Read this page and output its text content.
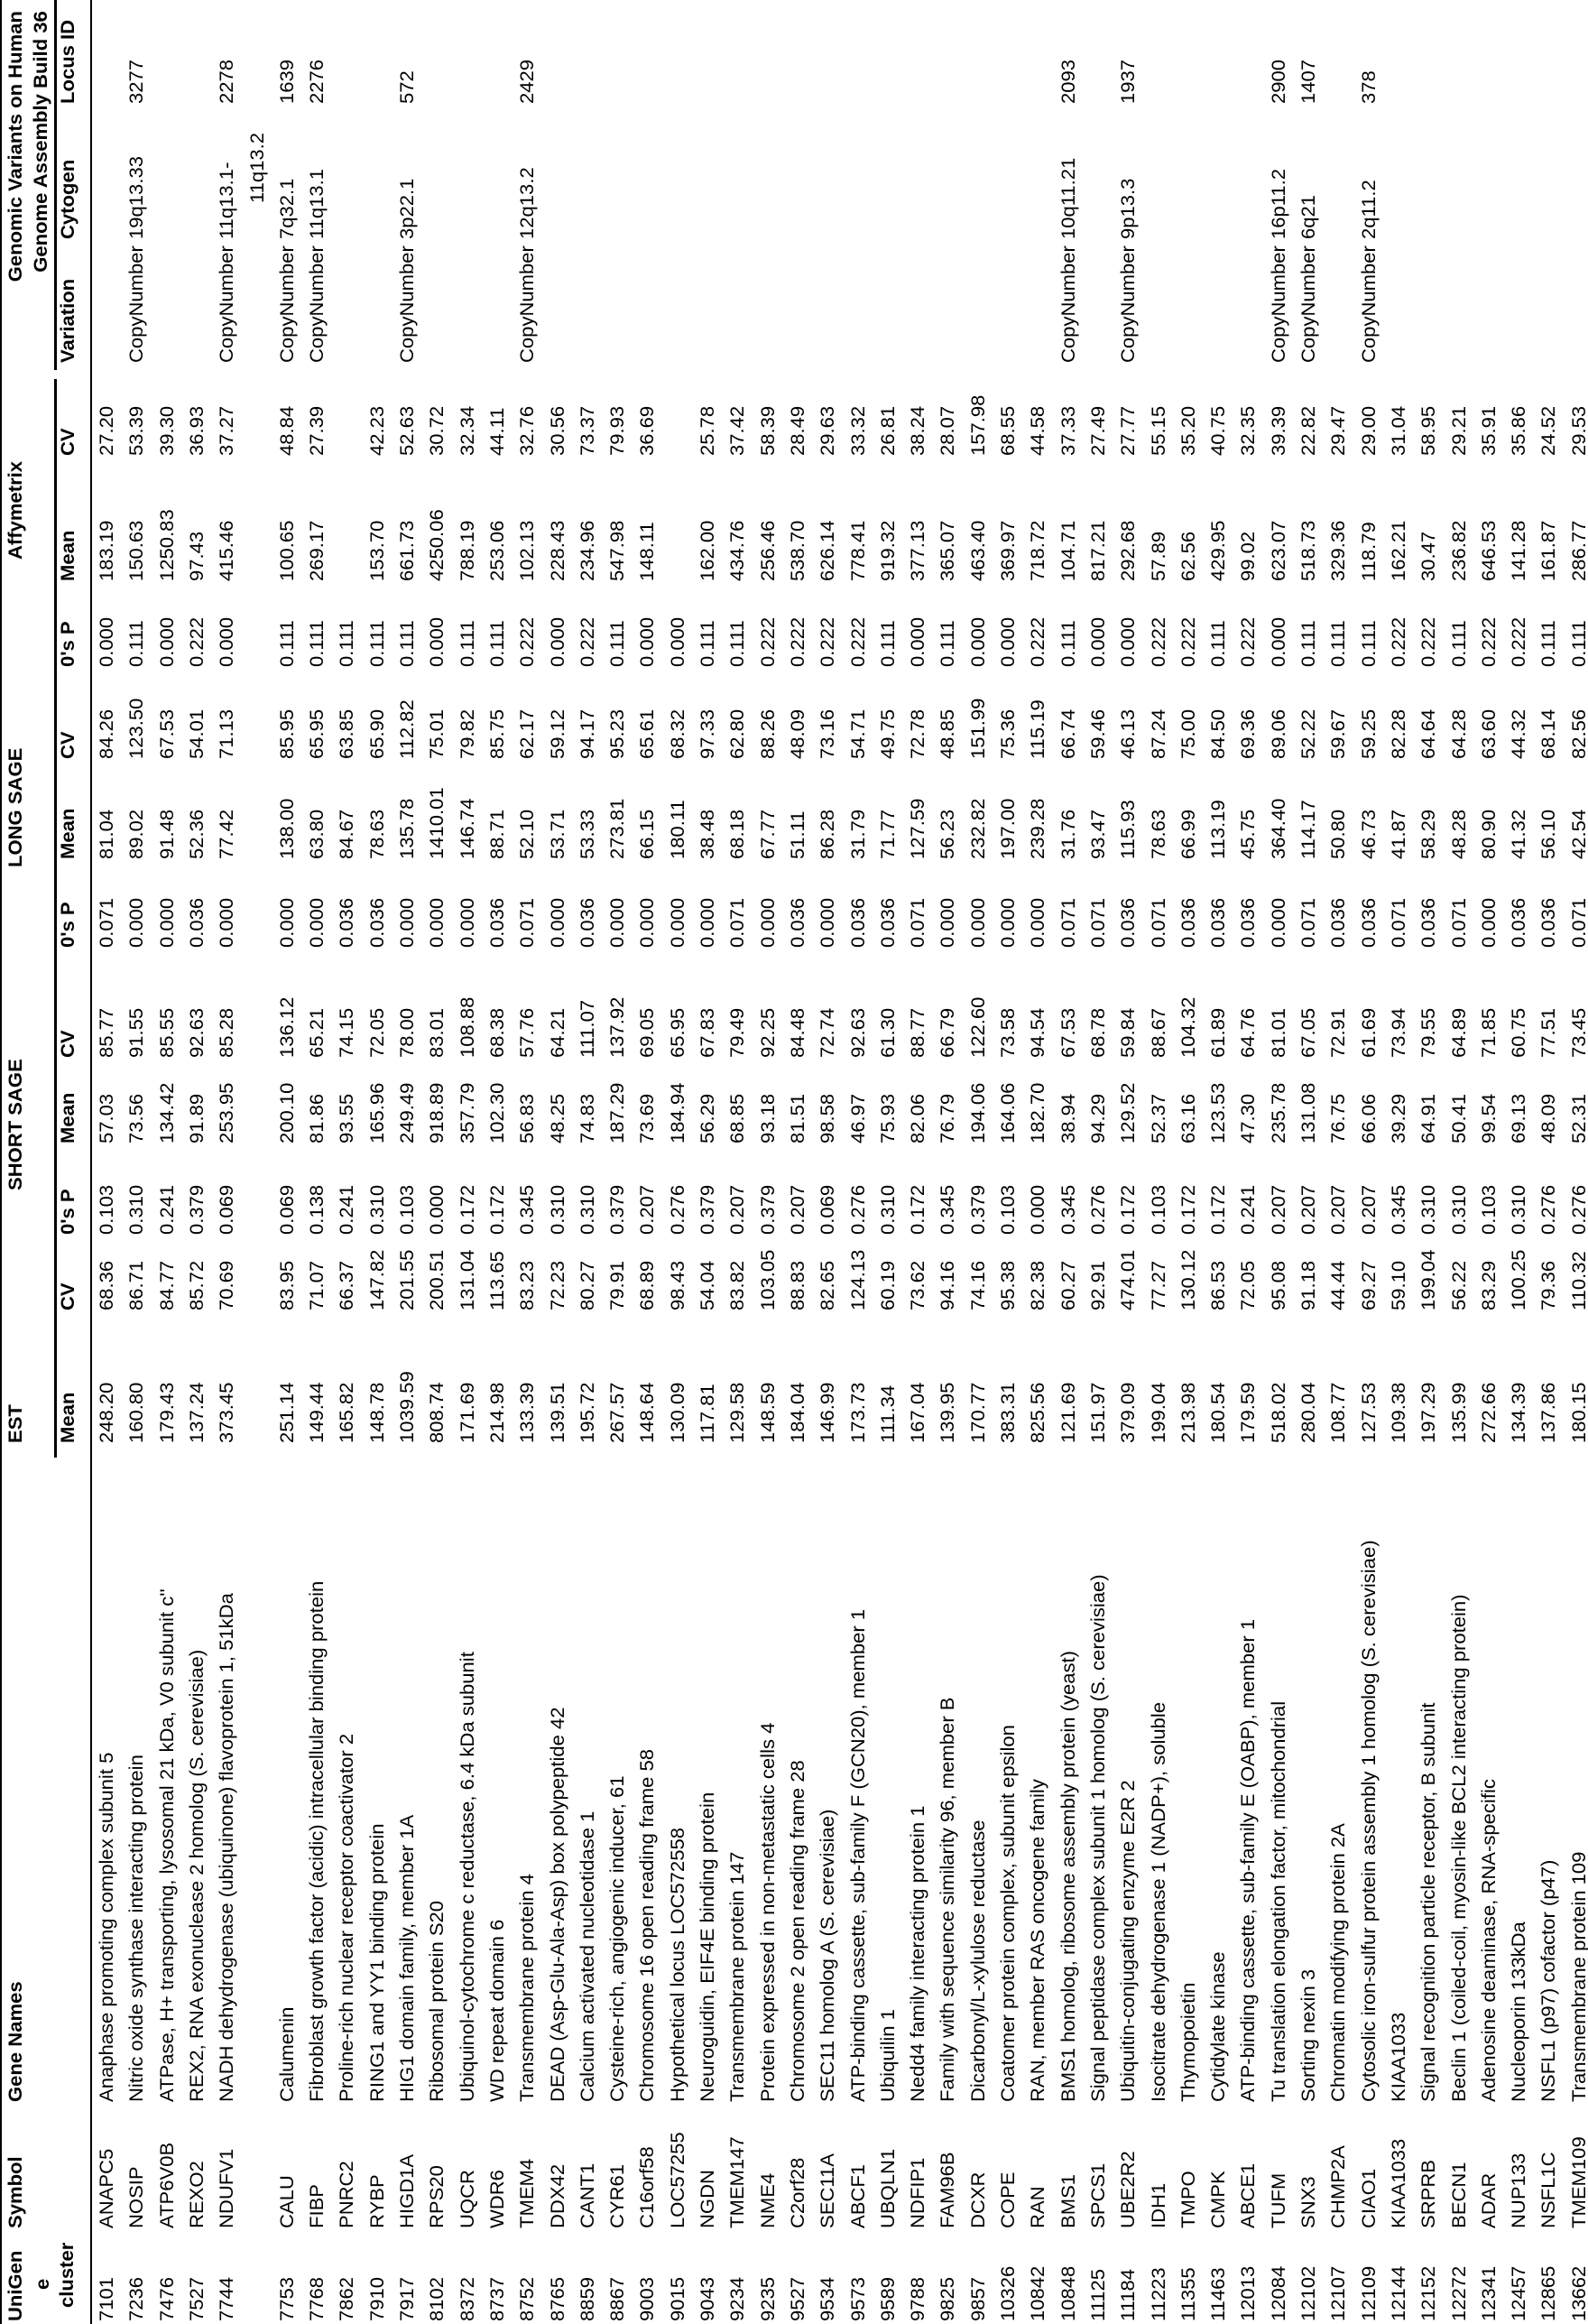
UniGen e cluster
Symbol
Gene Names
EST
SHORT SAGE
LONG SAGE
Affymetrix
Genomic Variants on Human Genome Assembly Build 36
Mean
CV
0's P
Mean
CV
0's P
Mean
CV
0's P
Mean
CV
Variation
Cytogen
Locus ID
7101
ANAPC5
Anaphase promoting complex subunit 5
248.20
68.36
0.103
57.03
85.77
0.071
81.04
84.26
0.000
183.19
27.20
7236
NOSIP
Nitric oxide synthase interacting protein
160.80
86.71
0.310
73.56
91.55
0.000
89.02
123.50
0.111
150.63
53.39
CopyNumber
19q13.33
3277
7476
ATP6V0B
ATPase, H+ transporting, lysosomal 21 kDa, V0 subunit c''
179.43
84.77
0.241
134.42
85.55
0.000
91.48
67.53
0.000
1250.83
39.30
7527
REXO2
REX2, RNA exonuclease 2 homolog (S. cerevisiae)
137.24
85.72
0.379
91.89
92.63
0.036
52.36
54.01
0.222
97.43
36.93
7744
NDUFV1
NADH dehydrogenase (ubiquinone) flavoprotein 1, 51kDa
373.45
70.69
0.069
253.95
85.28
0.000
77.42
71.13
0.000
415.46
37.27
CopyNumber
11q13.1-
2278
11q13.2
7753
CALU
Calumenin
251.14
83.95
0.069
200.10
136.12
0.000
138.00
85.95
0.111
100.65
48.84
CopyNumber
7q32.1
1639
7768
FIBP
Fibroblast growth factor (acidic) intracellular binding protein
149.44
71.07
0.138
81.86
65.21
0.000
63.80
65.95
0.111
269.17
27.39
CopyNumber
11q13.1
2276
7862
PNRC2
Proline-rich nuclear receptor coactivator 2
165.82
66.37
0.241
93.55
74.15
0.036
84.67
63.85
0.111
7910
RYBP
RING1 and YY1 binding protein
148.78
147.82
0.310
165.96
72.05
0.036
78.63
65.90
0.111
153.70
42.23
7917
HIGD1A
HIG1 domain family, member 1A
1039.59
201.55
0.103
249.49
78.00
0.000
135.78
112.82
0.111
661.73
52.63
CopyNumber
3p22.1
572
8102
RPS20
Ribosomal protein S20
808.74
200.51
0.000
918.89
83.01
0.000
1410.01
75.01
0.000
4250.06
30.72
8372
UQCR
Ubiquinol-cytochrome c reductase, 6.4 kDa subunit
171.69
131.04
0.172
357.79
108.88
0.000
146.74
79.82
0.111
788.19
32.34
8737
WDR6
WD repeat domain 6
214.98
113.65
0.172
102.30
68.38
0.036
88.71
85.75
0.111
253.06
44.11
8752
TMEM4
Transmembrane protein 4
133.39
83.23
0.345
56.83
57.76
0.071
52.10
62.17
0.222
102.13
32.76
CopyNumber
12q13.2
2429
8765
DDX42
DEAD (Asp-Glu-Ala-Asp) box polypeptide 42
139.51
72.23
0.310
48.25
64.21
0.000
53.71
59.12
0.000
228.43
30.56
8859
CANT1
Calcium activated nucleotidase 1
195.72
80.27
0.310
74.83
111.07
0.036
53.33
94.17
0.222
234.96
73.37
8867
CYR61
Cysteine-rich, angiogenic inducer, 61
267.57
79.91
0.379
187.29
137.92
0.000
273.81
95.23
0.111
547.98
79.93
9003
C16orf58
Chromosome 16 open reading frame 58
148.64
68.89
0.207
73.69
69.05
0.000
66.15
65.61
0.000
148.11
36.69
9015
LOC57255
Hypothetical locus LOC572558
130.09
98.43
0.276
184.94
65.95
0.000
180.11
68.32
0.000
9043
NGDN
Neuroguidin, EIF4E binding protein
117.81
54.04
0.379
56.29
67.83
0.000
38.48
97.33
0.111
162.00
25.78
9234
TMEM147
Transmembrane protein 147
129.58
83.82
0.207
68.85
79.49
0.071
68.18
62.80
0.111
434.76
37.42
9235
NME4
Protein expressed in non-metastatic cells 4
148.59
103.05
0.379
93.18
92.25
0.000
67.77
88.26
0.222
256.46
58.39
9527
C2orf28
Chromosome 2 open reading frame 28
184.04
88.83
0.207
81.51
84.48
0.036
51.11
48.09
0.222
538.70
28.49
9534
SEC11A
SEC11 homolog A (S. cerevisiae)
146.99
82.65
0.069
98.58
72.74
0.000
86.28
73.16
0.222
626.14
29.63
9573
ABCF1
ATP-binding cassette, sub-family F (GCN20), member 1
173.73
124.13
0.276
46.97
92.63
0.036
31.79
54.71
0.222
778.41
33.32
9589
UBQLN1
Ubiquilin 1
111.34
60.19
0.310
75.93
61.30
0.036
71.77
49.75
0.111
919.32
26.81
9788
NDFIP1
Nedd4 family interacting protein 1
167.04
73.62
0.172
82.06
88.77
0.071
127.59
72.78
0.000
377.13
38.24
9825
FAM96B
Family with sequence similarity 96, member B
139.95
94.16
0.345
76.79
66.79
0.000
56.23
48.85
0.111
365.07
28.07
9857
DCXR
Dicarbonyl/L-xylulose reductase
170.77
74.16
0.379
194.06
122.60
0.000
232.82
151.99
0.000
463.40
157.98
10326
COPE
Coatomer protein complex, subunit epsilon
383.31
95.38
0.103
164.06
73.58
0.000
197.00
75.36
0.000
369.97
68.55
10842
RAN
RAN, member RAS oncogene family
825.56
82.38
0.000
182.70
94.54
0.000
239.28
115.19
0.222
718.72
44.58
10848
BMS1
BMS1 homolog, ribosome assembly protein (yeast)
121.69
60.27
0.345
38.94
67.53
0.071
31.76
66.74
0.111
104.71
37.33
CopyNumber
10q11.21
2093
11125
SPCS1
Signal peptidase complex subunit 1 homolog (S. cerevisiae)
151.97
92.91
0.276
94.29
68.78
0.071
93.47
59.46
0.000
817.21
27.49
11184
UBE2R2
Ubiquitin-conjugating enzyme E2R 2
379.09
474.01
0.172
129.52
59.84
0.036
115.93
46.13
0.000
292.68
27.77
CopyNumber
9p13.3
1937
11223
IDH1
Isocitrate dehydrogenase 1 (NADP+), soluble
199.04
77.27
0.103
52.37
88.67
0.071
78.63
87.24
0.222
57.89
55.15
11355
TMPO
Thymopoietin
213.98
130.12
0.172
63.16
104.32
0.036
66.99
75.00
0.222
62.56
35.20
11463
CMPK
Cytidylate kinase
180.54
86.53
0.172
123.53
61.89
0.036
113.19
84.50
0.111
429.95
40.75
12013
ABCE1
ATP-binding cassette, sub-family E (OABP), member 1
179.59
72.05
0.241
47.30
64.76
0.036
45.75
69.36
0.222
99.02
32.35
12084
TUFM
Tu translation elongation factor, mitochondrial
518.02
95.08
0.207
235.78
81.01
0.000
364.40
89.06
0.000
623.07
39.39
CopyNumber
16p11.2
2900
12102
SNX3
Sorting nexin 3
280.04
91.18
0.207
131.08
67.05
0.071
114.17
52.22
0.111
518.73
22.82
CopyNumber
6q21
1407
12107
CHMP2A
Chromatin modifying protein 2A
108.77
44.44
0.207
76.75
72.91
0.036
50.80
59.67
0.111
329.36
29.47
12109
CIAO1
Cytosolic iron-sulfur protein assembly 1 homolog (S. cerevisiae)
127.53
69.27
0.207
66.06
61.69
0.036
46.73
59.25
0.111
118.79
29.00
CopyNumber
2q11.2
378
12144
KIAA1033
KIAA1033
109.38
59.10
0.345
39.29
73.94
0.071
41.87
82.28
0.222
162.21
31.04
12152
SRPRB
Signal recognition particle receptor, B subunit
197.29
199.04
0.310
64.91
79.55
0.036
58.29
64.64
0.222
30.47
58.95
12272
BECN1
Beclin 1 (coiled-coil, myosin-like BCL2 interacting protein)
135.99
56.22
0.310
50.41
64.89
0.071
48.28
64.28
0.111
236.82
29.21
12341
ADAR
Adenosine deaminase, RNA-specific
272.66
83.29
0.103
99.54
71.85
0.000
80.90
63.60
0.222
646.53
35.91
12457
NUP133
Nucleoporin 133kDa
134.39
100.25
0.310
69.13
60.75
0.036
41.32
44.32
0.222
141.28
35.86
12865
NSFL1C
NSFL1 (p97) cofactor (p47)
137.86
79.36
0.276
48.09
77.51
0.036
56.10
68.14
0.111
161.87
24.52
13662
TMEM109
Transmembrane protein 109
180.15
110.32
0.276
52.31
73.45
0.071
42.54
82.56
0.111
286.77
29.53
